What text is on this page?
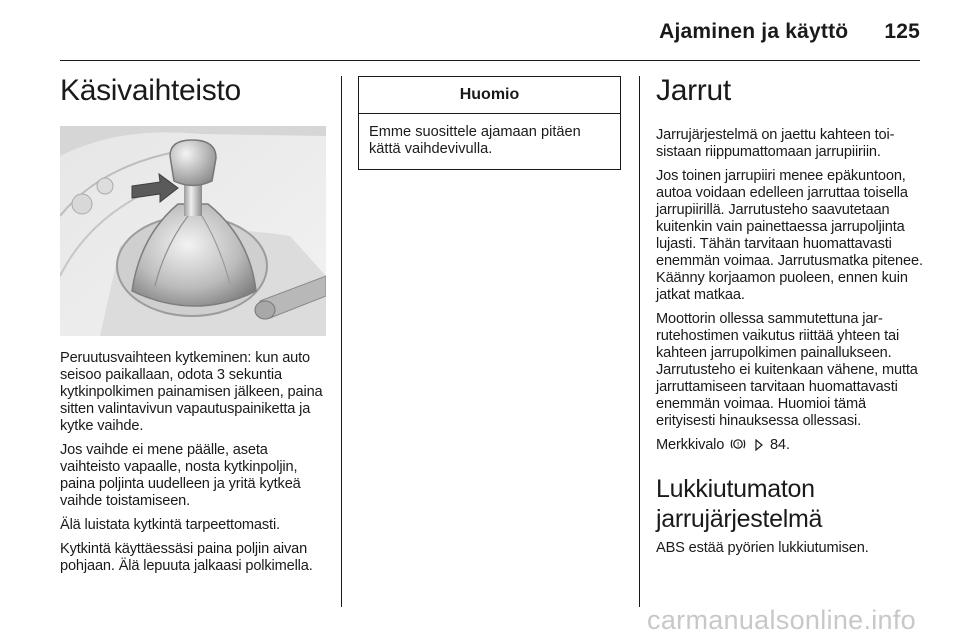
Ajaminen ja käyttö 125
Käsivaihteisto

Peruutusvaihteen kytkeminen: kun auto seisoo paikallaan, odota 3 sekuntia kytkinpolkimen painamisen jälkeen, paina sitten valintavivun vapautuspainiketta ja kytke vaihde.

Jos vaihde ei mene päälle, aseta vaihteisto vapaalle, nosta kytkinpoljin, paina poljinta uudelleen ja yritä kytkeä vaihde toistamiseen.

Älä luistata kytkintä tarpeettomasti.

Kytkintä käyttäessäsi paina poljin aivan pohjaan. Älä lepuuta jalkaasi polkimella.

Huomio
Emme suosittele ajamaan pitäen kättä vaihdevivulla.
Jarrut

Jarrujärjestelmä on jaettu kahteen toisistaan riippumattomaan jarrupiiriin.

Jos toinen jarrupiiri menee epäkuntoon, autoa voidaan edelleen jarruttaa toisella jarrupiirillä. Jarrutusteho saavutetaan kuitenkin vain painettaessa jarrupoljinta lujasti. Tähän tarvitaan huomattavasti enemmän voimaa. Jarrutusmatka pitenee. Käänny korjaamon puoleen, ennen kuin jatkat matkaa.

Moottorin ollessa sammutettuna jarrutehostimen vaikutus riittää yhteen tai kahteen jarrupolkimen painallukseen. Jarrutusteho ei kuitenkaan vähene, mutta jarruttamiseen tarvitaan huomattavasti enemmän voimaa. Huomioi tämä erityisesti hinauksessa ollessasi.

Merkkivalo ! 84.

Lukkiutumaton jarrujärjestelmä

ABS estää pyörien lukkiutumisen.

carmanualsonline.info
